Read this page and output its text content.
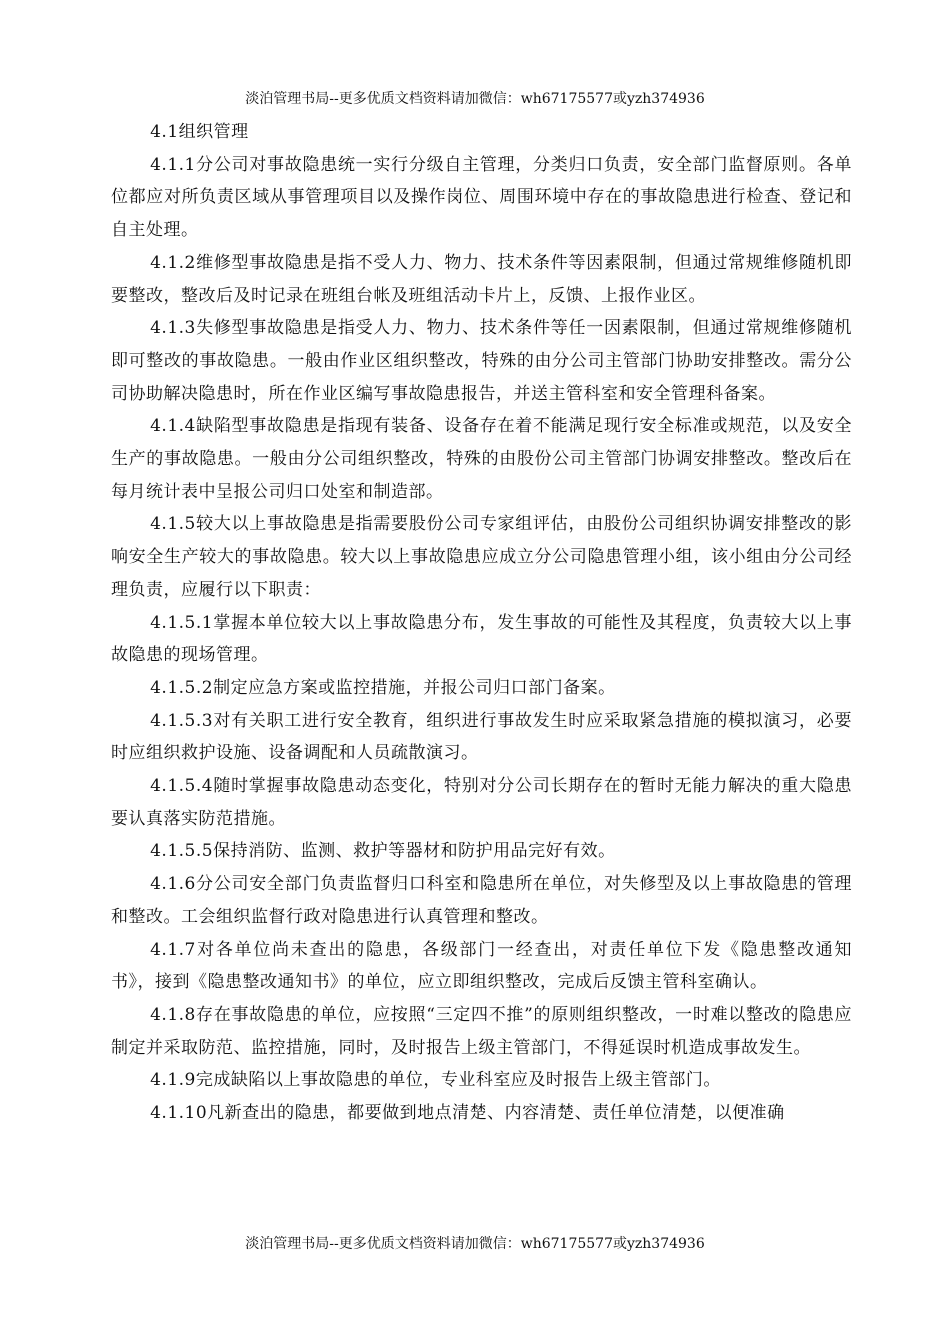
淡泊管理书局--更多优质文档资料请加微信：wh67175577或yzh374936

4.1组织管理

4.1.1分公司对事故隐患统一实行分级自主管理，分类归口负责，安全部门监督原则。各单位都应对所负责区域从事管理项目以及操作岗位、周围环境中存在的事故隐患进行检查、登记和自主处理。

4.1.2维修型事故隐患是指不受人力、物力、技术条件等因素限制，但通过常规维修随机即要整改，整改后及时记录在班组台帐及班组活动卡片上，反馈、上报作业区。

4.1.3失修型事故隐患是指受人力、物力、技术条件等任一因素限制，但通过常规维修随机即可整改的事故隐患。一般由作业区组织整改，特殊的由分公司主管部门协助安排整改。需分公司协助解决隐患时，所在作业区编写事故隐患报告，并送主管科室和安全管理科备案。

4.1.4缺陷型事故隐患是指现有装备、设备存在着不能满足现行安全标准或规范，以及安全生产的事故隐患。一般由分公司组织整改，特殊的由股份公司主管部门协调安排整改。整改后在每月统计表中呈报公司归口处室和制造部。

4.1.5较大以上事故隐患是指需要股份公司专家组评估，由股份公司组织协调安排整改的影响安全生产较大的事故隐患。较大以上事故隐患应成立分公司隐患管理小组，该小组由分公司经理负责，应履行以下职责：

4.1.5.1掌握本单位较大以上事故隐患分布，发生事故的可能性及其程度，负责较大以上事故隐患的现场管理。

4.1.5.2制定应急方案或监控措施，并报公司归口部门备案。

4.1.5.3对有关职工进行安全教育，组织进行事故发生时应采取紧急措施的模拟演习，必要时应组织救护设施、设备调配和人员疏散演习。

4.1.5.4随时掌握事故隐患动态变化，特别对分公司长期存在的暂时无能力解决的重大隐患要认真落实防范措施。

4.1.5.5保持消防、监测、救护等器材和防护用品完好有效。

4.1.6分公司安全部门负责监督归口科室和隐患所在单位，对失修型及以上事故隐患的管理和整改。工会组织监督行政对隐患进行认真管理和整改。

4.1.7对各单位尚未查出的隐患，各级部门一经查出，对责任单位下发《隐患整改通知书》，接到《隐患整改通知书》的单位，应立即组织整改，完成后反馈主管科室确认。

4.1.8存在事故隐患的单位，应按照“三定四不推”的原则组织整改，一时难以整改的隐患应制定并采取防范、监控措施，同时，及时报告上级主管部门，不得延误时机造成事故发生。

4.1.9完成缺陷以上事故隐患的单位，专业科室应及时报告上级主管部门。

4.1.10凡新查出的隐患，都要做到地点清楚、内容清楚、责任单位清楚，以便准确

淡泊管理书局--更多优质文档资料请加微信：wh67175577或yzh374936
